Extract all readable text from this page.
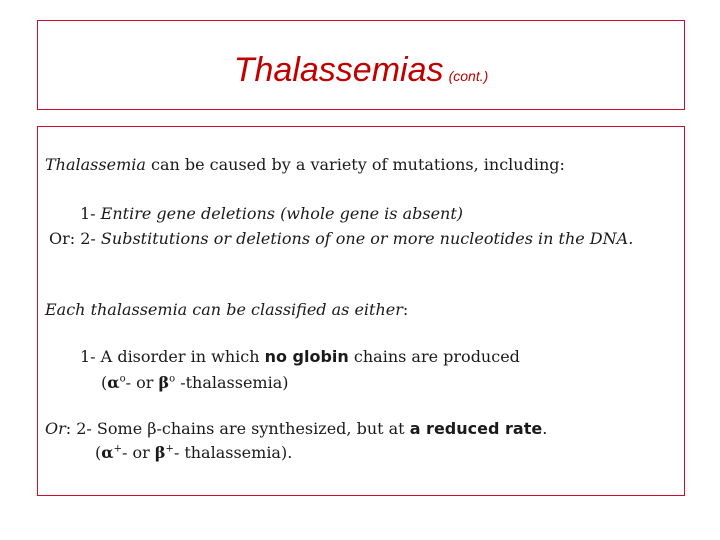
Thalassemias (cont.)
Thalassemia can be caused by a variety of mutations, including:
1- Entire gene deletions (whole gene is absent)
Or: 2- Substitutions or deletions of one or more nucleotides in the DNA.
Each thalassemia can be classified as either:
1- A disorder in which no globin chains are produced
($\alpha^o-$ or $\beta^o$ -thalassemia)
Or: 2- Some β-chains are synthesized, but at a reduced rate.
(α+- or β+- thalassemia).
